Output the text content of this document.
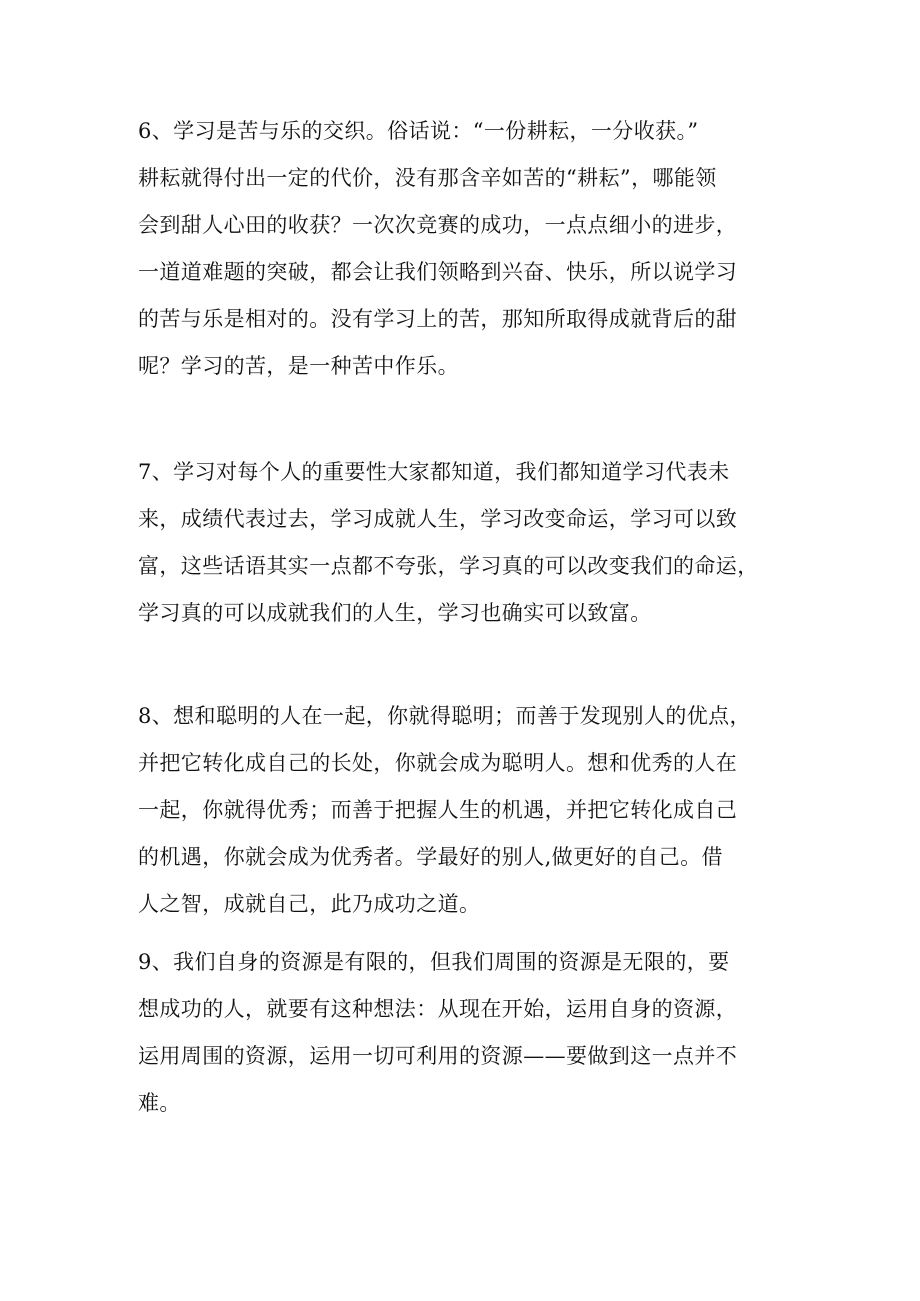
6、学习是苦与乐的交织。俗话说：“一份耕耘，一分收获。”
耕耘就得付出一定的代价，没有那含辛如苦的“耕耘”，哪能领
会到甜人心田的收获？一次次竞赛的成功，一点点细小的进步，
一道道难题的突破，都会让我们领略到兴奋、快乐，所以说学习
的苦与乐是相对的。没有学习上的苦，那知所取得成就背后的甜
呢？学习的苦，是一种苦中作乐。
7、学习对每个人的重要性大家都知道，我们都知道学习代表未
来，成绩代表过去，学习成就人生，学习改变命运，学习可以致
富，这些话语其实一点都不夸张，学习真的可以改变我们的命运，
学习真的可以成就我们的人生，学习也确实可以致富。
8、想和聪明的人在一起，你就得聪明；而善于发现别人的优点，
并把它转化成自己的长处，你就会成为聪明人。想和优秀的人在
一起，你就得优秀；而善于把握人生的机遇，并把它转化成自己
的机遇，你就会成为优秀者。学最好的别人,做更好的自己。借
人之智，成就自己，此乃成功之道。
9、我们自身的资源是有限的，但我们周围的资源是无限的，要
想成功的人，就要有这种想法：从现在开始，运用自身的资源，
运用周围的资源，运用一切可利用的资源——要做到这一点并不
难。
